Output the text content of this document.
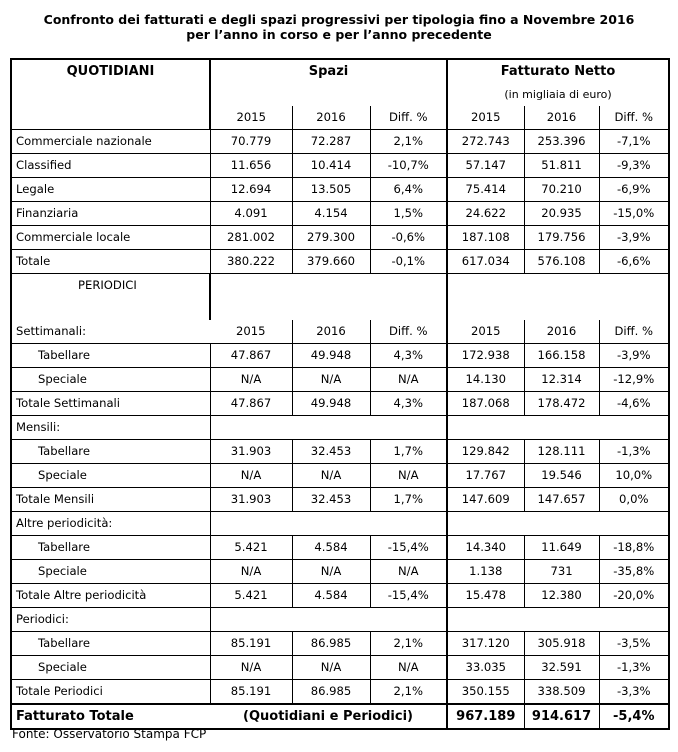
Confronto dei fatturati e degli spazi progressivi per tipologia fino a Novembre 2016
per l’anno in corso e per l’anno precedente
QUOTIDIANI	Spazi			Fatturato Netto		
				(in migliaia di euro)		
	2015	2016	Diff. %	2015	2016	Diff. %
Commerciale nazionale	70.779	72.287	2,1%	272.743	253.396	-7,1%
Classified	11.656	10.414	-10,7%	57.147	51.811	-9,3%
Legale	12.694	13.505	6,4%	75.414	70.210	-6,9%
Finanziaria	4.091	4.154	1,5%	24.622	20.935	-15,0%
Commerciale locale	281.002	279.300	-0,6%	187.108	179.756	-3,9%
Totale	380.222	379.660	-0,1%	617.034	576.108	-6,6%
PERIODICI						

Settimanali:	2015	2016	Diff. %	2015	2016	Diff. %
Tabellare	47.867	49.948	4,3%	172.938	166.158	-3,9%
Speciale	N/A	N/A	N/A	14.130	12.314	-12,9%
Totale Settimanali	47.867	49.948	4,3%	187.068	178.472	-4,6%
Mensili:						
Tabellare	31.903	32.453	1,7%	129.842	128.111	-1,3%
Speciale	N/A	N/A	N/A	17.767	19.546	10,0%
Totale Mensili	31.903	32.453	1,7%	147.609	147.657	0,0%
Altre periodicità:						
Tabellare	5.421	4.584	-15,4%	14.340	11.649	-18,8%
Speciale	N/A	N/A	N/A	1.138	731	-35,8%
Totale Altre periodicità	5.421	4.584	-15,4%	15.478	12.380	-20,0%
Periodici:						
Tabellare	85.191	86.985	2,1%	317.120	305.918	-3,5%
Speciale	N/A	N/A	N/A	33.035	32.591	-1,3%
Totale Periodici	85.191	86.985	2,1%	350.155	338.509	-3,3%
Fatturato Totale	(Quotidiani e Periodici)			967.189	914.617	-5,4%
Fonte: Osservatorio Stampa FCP
